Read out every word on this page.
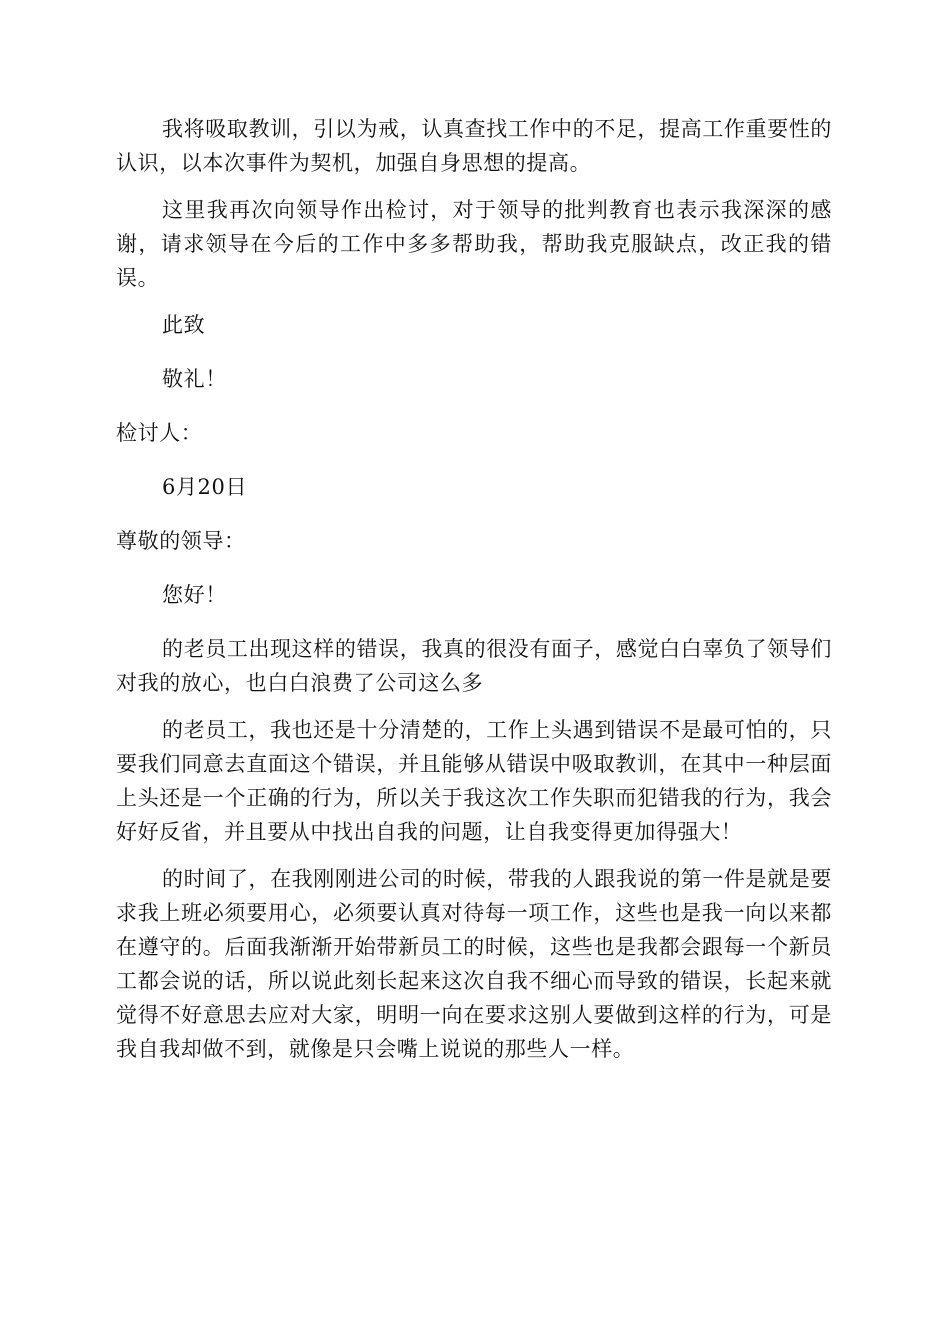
我将吸取教训，引以为戒，认真查找工作中的不足，提高工作重要性的认识，以本次事件为契机，加强自身思想的提高。

这里我再次向领导作出检讨，对于领导的批判教育也表示我深深的感谢，请求领导在今后的工作中多多帮助我，帮助我克服缺点，改正我的错误。

此致

敬礼！

检讨人：

6月20日

尊敬的领导：

您好！

的老员工出现这样的错误，我真的很没有面子，感觉白白辜负了领导们对我的放心，也白白浪费了公司这么多

的老员工，我也还是十分清楚的，工作上头遇到错误不是最可怕的，只要我们同意去直面这个错误，并且能够从错误中吸取教训，在其中一种层面上头还是一个正确的行为，所以关于我这次工作失职而犯错我的行为，我会好好反省，并且要从中找出自我的问题，让自我变得更加得强大！

的时间了，在我刚刚进公司的时候，带我的人跟我说的第一件是就是要求我上班必须要用心，必须要认真对待每一项工作，这些也是我一向以来都在遵守的。后面我渐渐开始带新员工的时候，这些也是我都会跟每一个新员工都会说的话，所以说此刻长起来这次自我不细心而导致的错误，长起来就觉得不好意思去应对大家，明明一向在要求这别人要做到这样的行为，可是我自我却做不到，就像是只会嘴上说说的那些人一样。
